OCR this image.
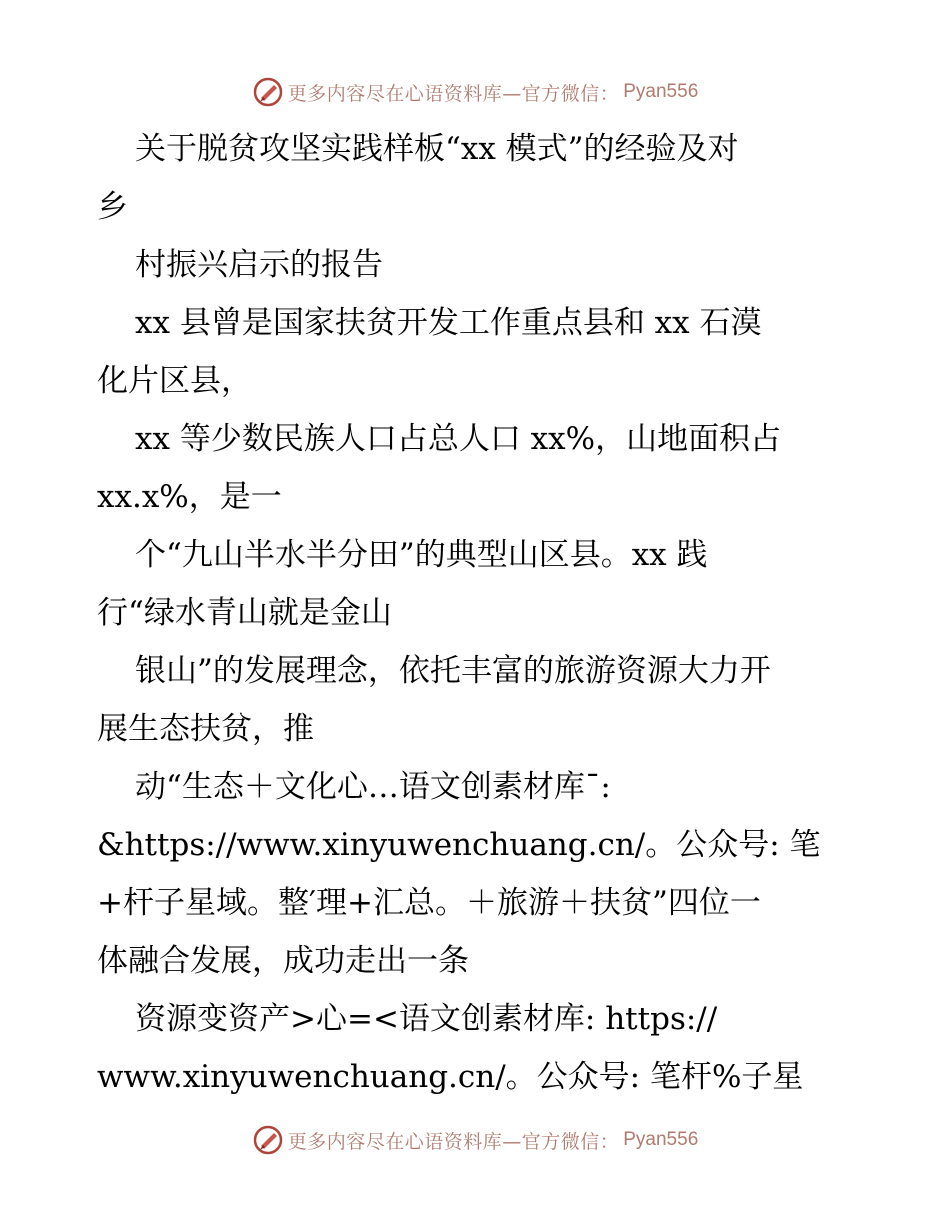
更多内容尽在心语资料库—官方微信： Pyan556
关于脱贫攻坚实践样板“xx 模式”的经验及对
乡
村振兴启示的报告
xx 县曾是国家扶贫开发工作重点县和 xx 石漠
化片区县，
xx 等少数民族人口占总人口 xx%，山地面积占
xx.x%，是一
个“九山半水半分田”的典型山区县。xx 践
行“绿水青山就是金山
银山”的发展理念，依托丰富的旅游资源大力开
展生态扶贫，推
动“生态＋文化心…语文创素材库¯:
&https://www.xinyuwenchuang.cn/。公众号: 笔
+杆子星域。整′理+汇总。＋旅游＋扶贫”四位一
体融合发展，成功走出一条
资源变资产>心=<语文创素材库: https://
www.xinyuwenchuang.cn/。公众号: 笔杆%子星
更多内容尽在心语资料库—官方微信： Pyan556
